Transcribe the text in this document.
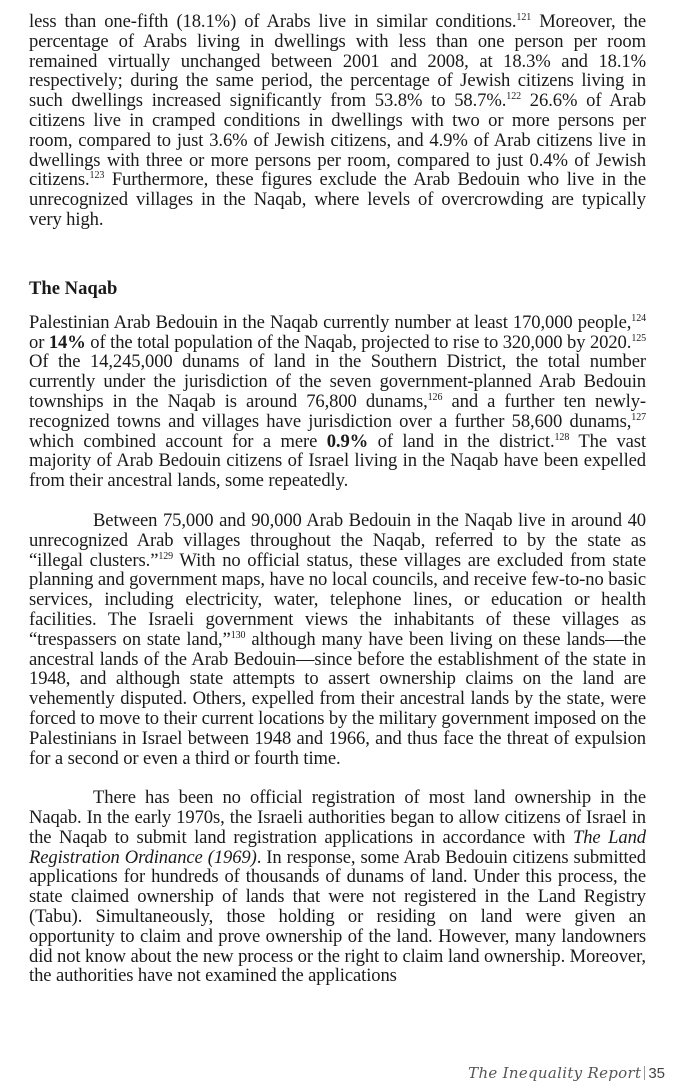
less than one-fifth (18.1%) of Arabs live in similar conditions.$^{121}$ Moreover, the percentage of Arabs living in dwellings with less than one person per room remained virtually unchanged between 2001 and 2008, at 18.3% and 18.1% respectively; during the same period, the percentage of Jewish citizens living in such dwellings increased significantly from 53.8% to 58.7%.$^{122}$ 26.6% of Arab citizens live in cramped conditions in dwellings with two or more persons per room, compared to just 3.6% of Jewish citizens, and 4.9% of Arab citizens live in dwellings with three or more persons per room, compared to just 0.4% of Jewish citizens.$^{123}$ Furthermore, these figures exclude the Arab Bedouin who live in the unrecognized villages in the Naqab, where levels of overcrowding are typically very high.

The Naqab

Palestinian Arab Bedouin in the Naqab currently number at least 170,000 people,$^{124}$ or 14% of the total population of the Naqab, projected to rise to 320,000 by 2020.$^{125}$ Of the 14,245,000 dunams of land in the Southern District, the total number currently under the jurisdiction of the seven government-planned Arab Bedouin townships in the Naqab is around 76,800 dunams,$^{126}$ and a further ten newly-recognized towns and villages have jurisdiction over a further 58,600 dunams,$^{127}$ which combined account for a mere 0.9% of land in the district.$^{128}$ The vast majority of Arab Bedouin citizens of Israel living in the Naqab have been expelled from their ancestral lands, some repeatedly.

Between 75,000 and 90,000 Arab Bedouin in the Naqab live in around 40 unrecognized Arab villages throughout the Naqab, referred to by the state as “illegal clusters.”$^{129}$ With no official status, these villages are excluded from state planning and government maps, have no local councils, and receive few-to-no basic services, including electricity, water, telephone lines, or education or health facilities. The Israeli government views the inhabitants of these villages as “trespassers on state land,”$^{130}$ although many have been living on these lands—the ancestral lands of the Arab Bedouin—since before the establishment of the state in 1948, and although state attempts to assert ownership claims on the land are vehemently disputed. Others, expelled from their ancestral lands by the state, were forced to move to their current locations by the military government imposed on the Palestinians in Israel between 1948 and 1966, and thus face the threat of expulsion for a second or even a third or fourth time.

There has been no official registration of most land ownership in the Naqab. In the early 1970s, the Israeli authorities began to allow citizens of Israel in the Naqab to submit land registration applications in accordance with The Land Registration Ordinance (1969). In response, some Arab Bedouin citizens submitted applications for hundreds of thousands of dunams of land. Under this process, the state claimed ownership of lands that were not registered in the Land Registry (Tabu). Simultaneously, those holding or residing on land were given an opportunity to claim and prove ownership of the land. However, many landowners did not know about the new process or the right to claim land ownership. Moreover, the authorities have not examined the applications

The Inequality Report 35
